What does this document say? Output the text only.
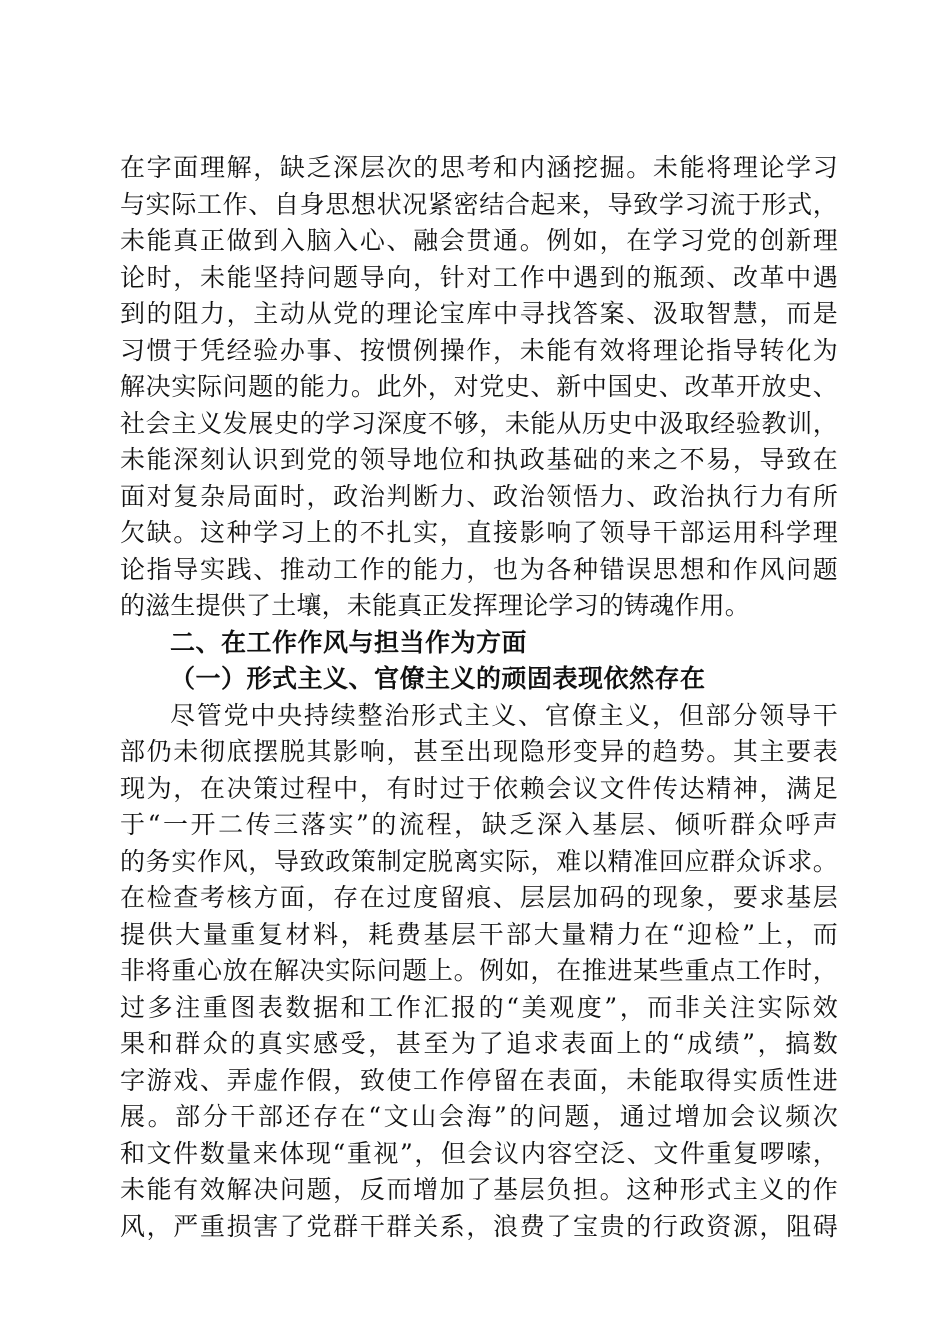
在字面理解，缺乏深层次的思考和内涵挖掘。未能将理论学习
与实际工作、自身思想状况紧密结合起来，导致学习流于形式，
未能真正做到入脑入心、融会贯通。例如，在学习党的创新理
论时，未能坚持问题导向，针对工作中遇到的瓶颈、改革中遇
到的阻力，主动从党的理论宝库中寻找答案、汲取智慧，而是
习惯于凭经验办事、按惯例操作，未能有效将理论指导转化为
解决实际问题的能力。此外，对党史、新中国史、改革开放史、
社会主义发展史的学习深度不够，未能从历史中汲取经验教训，
未能深刻认识到党的领导地位和执政基础的来之不易，导致在
面对复杂局面时，政治判断力、政治领悟力、政治执行力有所
欠缺。这种学习上的不扎实，直接影响了领导干部运用科学理
论指导实践、推动工作的能力，也为各种错误思想和作风问题
的滋生提供了土壤，未能真正发挥理论学习的铸魂作用。
二、在工作作风与担当作为方面
（一）形式主义、官僚主义的顽固表现依然存在
尽管党中央持续整治形式主义、官僚主义，但部分领导干
部仍未彻底摆脱其影响，甚至出现隐形变异的趋势。其主要表
现为，在决策过程中，有时过于依赖会议文件传达精神，满足
于“一开二传三落实”的流程，缺乏深入基层、倾听群众呼声
的务实作风，导致政策制定脱离实际，难以精准回应群众诉求。
在检查考核方面，存在过度留痕、层层加码的现象，要求基层
提供大量重复材料，耗费基层干部大量精力在“迎检”上，而
非将重心放在解决实际问题上。例如，在推进某些重点工作时，
过多注重图表数据和工作汇报的“美观度”，而非关注实际效
果和群众的真实感受，甚至为了追求表面上的“成绩”，搞数
字游戏、弄虚作假，致使工作停留在表面，未能取得实质性进
展。部分干部还存在“文山会海”的问题，通过增加会议频次
和文件数量来体现“重视”，但会议内容空泛、文件重复啰嗦，
未能有效解决问题，反而增加了基层负担。这种形式主义的作
风，严重损害了党群干群关系，浪费了宝贵的行政资源，阻碍
